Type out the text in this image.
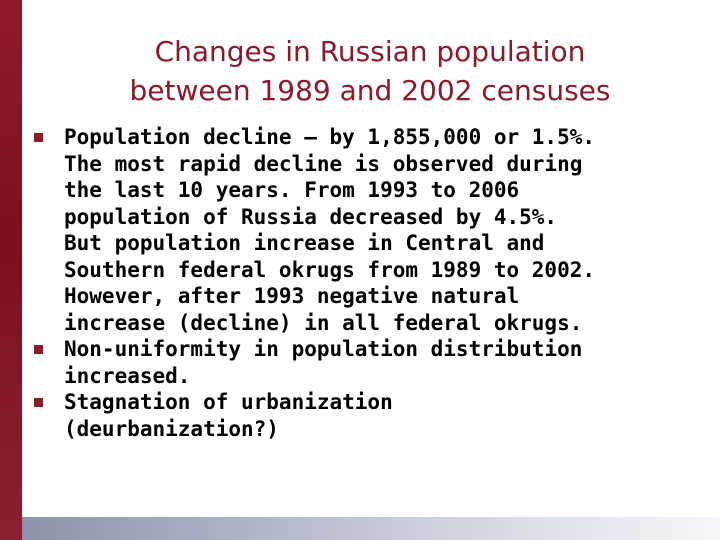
Changes in Russian population
between 1989 and 2002 censuses
Population decline – by 1,855,000 or 1.5%.
The most rapid decline is observed during
the last 10 years. From 1993 to 2006
population of Russia decreased by 4.5%.
But population increase in Central and
Southern federal okrugs from 1989 to 2002.
However, after 1993 negative natural
increase (decline) in all federal okrugs.
Non-uniformity in population distribution
increased.
Stagnation of urbanization
(deurbanization?)
